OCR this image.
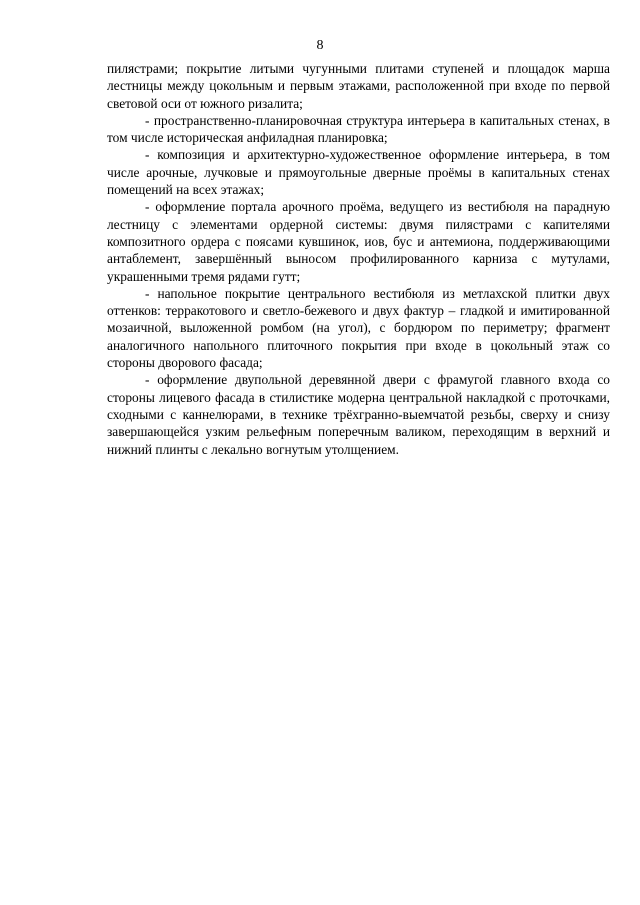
8

пилястрами; покрытие литыми чугунными плитами ступеней и площадок марша лестницы между цокольным и первым этажами, расположенной при входе по первой световой оси от южного ризалита;

- пространственно-планировочная структура интерьера в капитальных стенах, в том числе историческая анфиладная планировка;

- композиция и архитектурно-художественное оформление интерьера, в том числе арочные, лучковые и прямоугольные дверные проёмы в капитальных стенах помещений на всех этажах;

- оформление портала арочного проёма, ведущего из вестибюля на парадную лестницу с элементами ордерной системы: двумя пилястрами с капителями композитного ордера с поясами кувшинок, иов, бус и антемиона, поддерживающими антаблемент, завершённый выносом профилированного карниза с мутулами, украшенными тремя рядами гутт;

- напольное покрытие центрального вестибюля из метлахской плитки двух оттенков: терракотового и светло-бежевого и двух фактур – гладкой и имитированной мозаичной, выложенной ромбом (на угол), с бордюром по периметру; фрагмент аналогичного напольного плиточного покрытия при входе в цокольный этаж со стороны дворового фасада;

- оформление двупольной деревянной двери с фрамугой главного входа со стороны лицевого фасада в стилистике модерна центральной накладкой с проточками, сходными с каннелюрами, в технике трёхгранно-выемчатой резьбы, сверху и снизу завершающейся узким рельефным поперечным валиком, переходящим в верхний и нижний плинты с лекально вогнутым утолщением.
